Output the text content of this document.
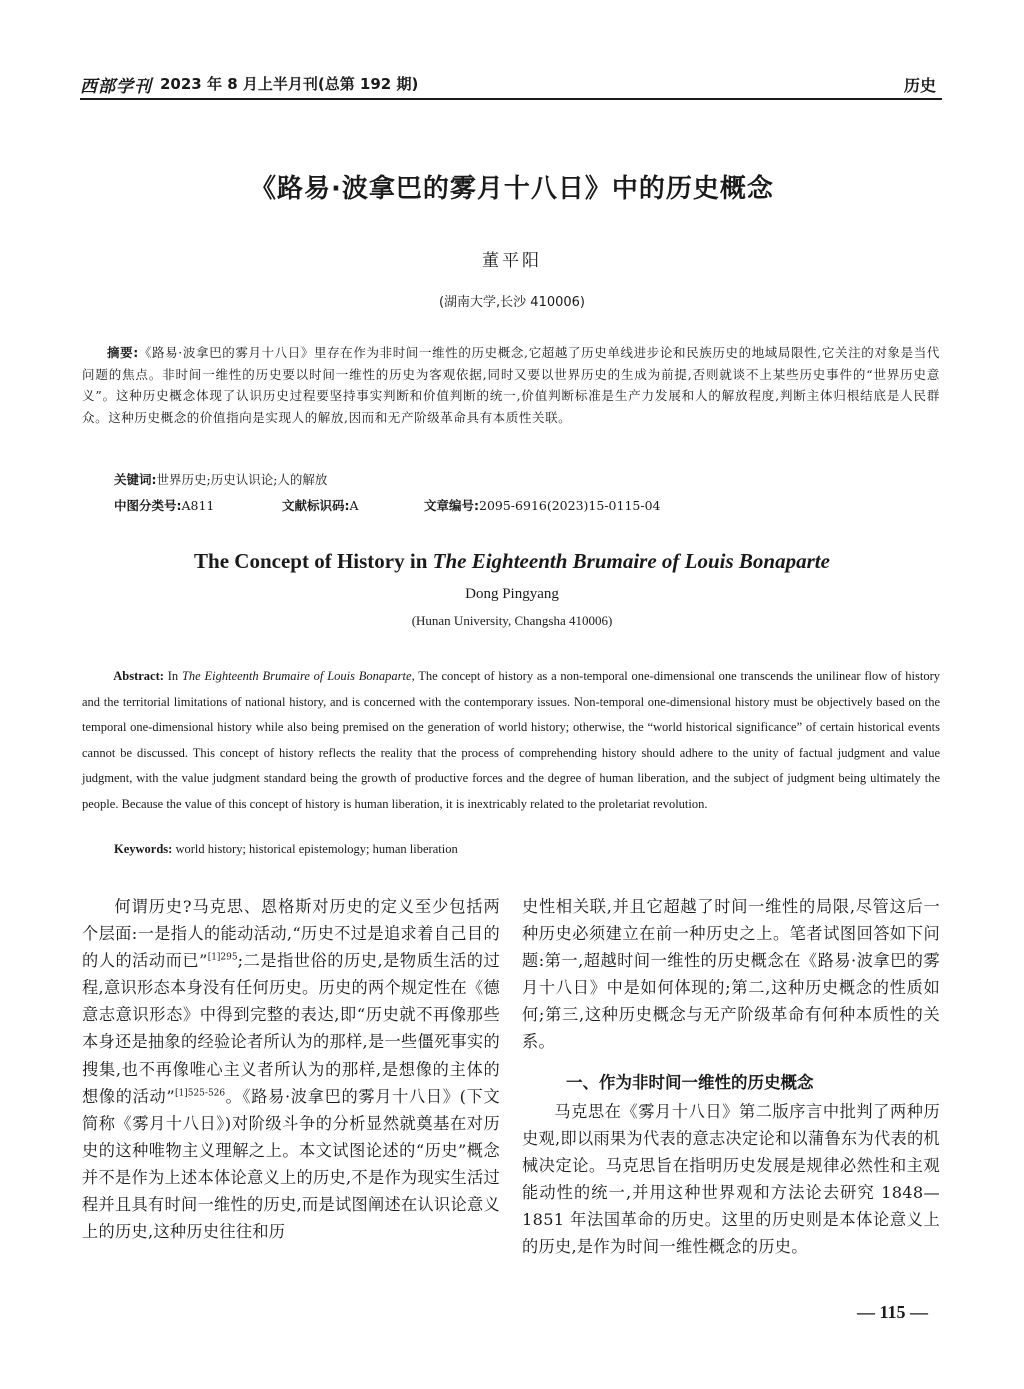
西部学刊 2023 年 8 月上半月刊(总第 192 期)	历史
《路易·波拿巴的雾月十八日》中的历史概念
董平阳
(湖南大学,长沙 410006)
摘要:《路易·波拿巴的雾月十八日》里存在作为非时间一维性的历史概念,它超越了历史单线进步论和民族历史的地域局限性,它关注的对象是当代问题的焦点。非时间一维性的历史要以时间一维性的历史为客观依据,同时又要以世界历史的生成为前提,否则就谈不上某些历史事件的“世界历史意义”。这种历史概念体现了认识历史过程要坚持事实判断和价值判断的统一,价值判断标准是生产力发展和人的解放程度,判断主体归根结底是人民群众。这种历史概念的价值指向是实现人的解放,因而和无产阶级革命具有本质性关联。
关键词:世界历史;历史认识论;人的解放
中图分类号:A811	文献标识码:A	文章编号:2095-6916(2023)15-0115-04
The Concept of History in The Eighteenth Brumaire of Louis Bonaparte
Dong Pingyang
(Hunan University, Changsha 410006)
Abstract: In The Eighteenth Brumaire of Louis Bonaparte, The concept of history as a non-temporal one-dimensional one transcends the unilinear flow of history and the territorial limitations of national history, and is concerned with the contemporary issues. Non-temporal one-dimensional history must be objectively based on the temporal one-dimensional history while also being premised on the generation of world history; otherwise, the “world historical significance” of certain historical events cannot be discussed. This concept of history reflects the reality that the process of comprehending history should adhere to the unity of factual judgment and value judgment, with the value judgment standard being the growth of productive forces and the degree of human liberation, and the subject of judgment being ultimately the people. Because the value of this concept of history is human liberation, it is inextricably related to the proletariat revolution.
Keywords: world history; historical epistemology; human liberation
何谓历史?马克思、恩格斯对历史的定义至少包括两个层面:一是指人的能动活动,“历史不过是追求着自己目的的人的活动而已”$^{[1]295}$;二是指世俗的历史,是物质生活的过程,意识形态本身没有任何历史。历史的两个规定性在《德意志意识形态》中得到完整的表达,即“历史就不再像那些本身还是抽象的经验论者所认为的那样,是一些僵死事实的搜集,也不再像唯心主义者所认为的那样,是想像的主体的想像的活动”$^{[1]525-526}$。《路易·波拿巴的雾月十八日》(下文简称《雾月十八日》)对阶级斗争的分析显然就奠基在对历史的这种唯物主义理解之上。本文试图论述的“历史”概念并不是作为上述本体论意义上的历史,不是作为现实生活过程并且具有时间一维性的历史,而是试图阐述在认识论意义上的历史,这种历史往往和历
史性相关联,并且它超越了时间一维性的局限,尽管这后一种历史必须建立在前一种历史之上。笔者试图回答如下问题:第一,超越时间一维性的历史概念在《路易·波拿巴的雾月十八日》中是如何体现的;第二,这种历史概念的性质如何;第三,这种历史概念与无产阶级革命有何种本质性的关系。
一、作为非时间一维性的历史概念
马克思在《雾月十八日》第二版序言中批判了两种历史观,即以雨果为代表的意志决定论和以蒲鲁东为代表的机械决定论。马克思旨在指明历史发展是规律必然性和主观能动性的统一,并用这种世界观和方法论去研究 1848—1851 年法国革命的历史。这里的历史则是本体论意义上的历史,是作为时间一维性概念的历史。
— 115 —
